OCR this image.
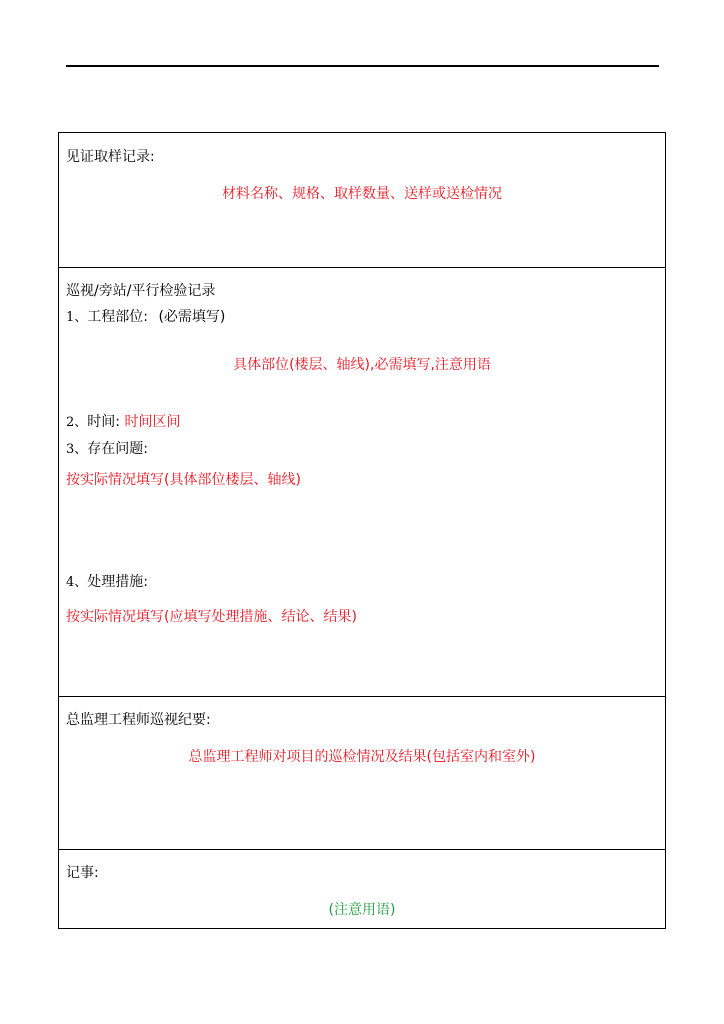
见证取样记录:
材料名称、规格、取样数量、送样或送检情况
巡视/旁站/平行检验记录
1、工程部位: (必需填写)
具体部位(楼层、轴线),必需填写,注意用语
2、时间: 时间区间
3、存在问题:
按实际情况填写(具体部位楼层、轴线)
4、处理措施:
按实际情况填写(应填写处理措施、结论、结果)
总监理工程师巡视纪要:
总监理工程师对项目的巡检情况及结果(包括室内和室外)
记事:
(注意用语)
